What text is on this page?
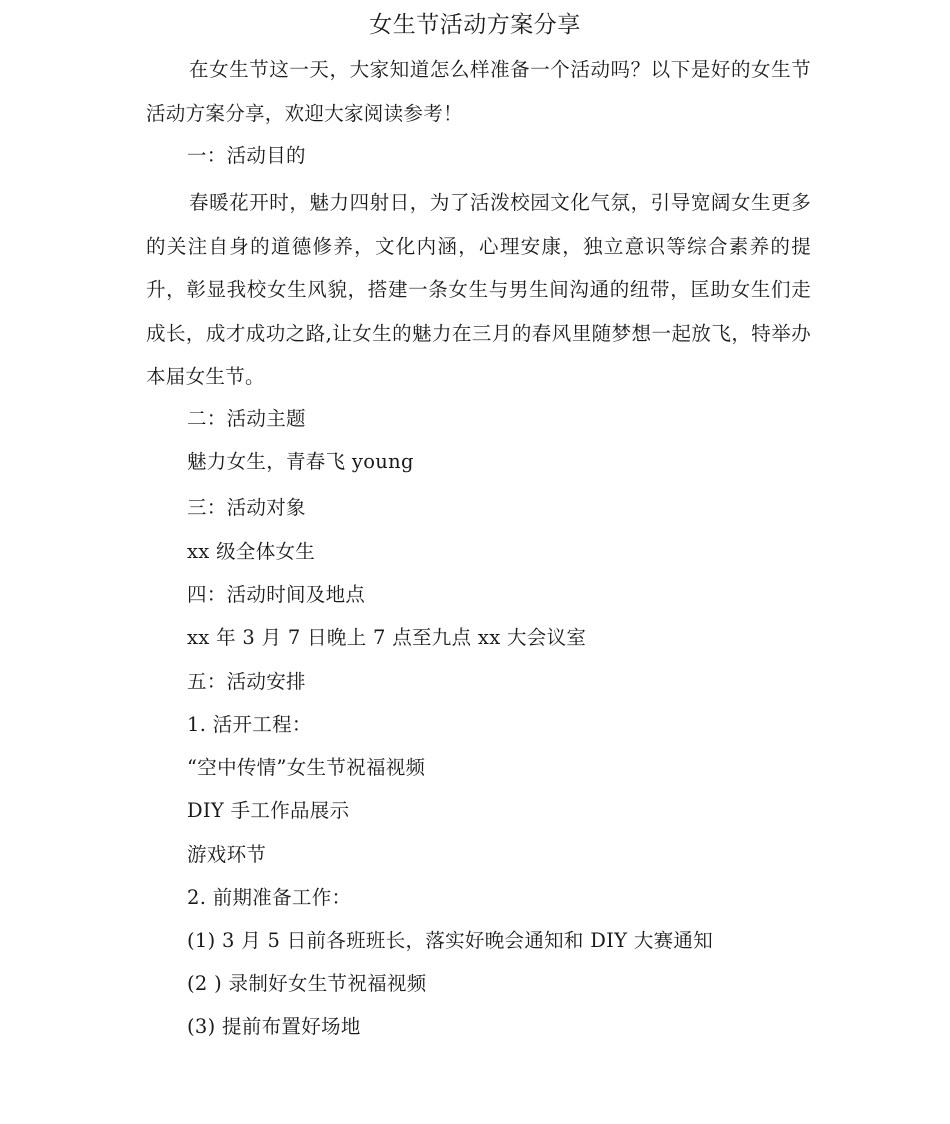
女生节活动方案分享
在女生节这一天，大家知道怎么样准备一个活动吗？以下是好的女生节活动方案分享，欢迎大家阅读参考！
一：活动目的
春暖花开时，魅力四射日，为了活泼校园文化气氛，引导宽阔女生更多的关注自身的道德修养，文化内涵，心理安康，独立意识等综合素养的提升，彰显我校女生风貌，搭建一条女生与男生间沟通的纽带，匡助女生们走成长，成才成功之路,让女生的魅力在三月的春风里随梦想一起放飞，特举办本届女生节。
二：活动主题
魅力女生，青春飞 young
三：活动对象
xx 级全体女生
四：活动时间及地点
xx 年 3 月 7 日晚上 7 点至九点 xx 大会议室
五：活动安排
1. 活开工程：
“空中传情”女生节祝福视频
DIY 手工作品展示
游戏环节
2. 前期准备工作：
(1) 3 月 5 日前各班班长，落实好晚会通知和 DIY 大赛通知
(2 ) 录制好女生节祝福视频
(3) 提前布置好场地
